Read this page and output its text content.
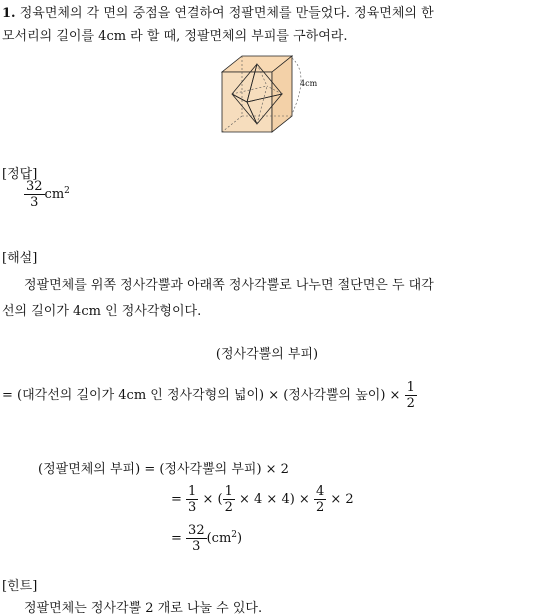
1. 정육면체의 각 면의 중점을 연결하여 정팔면체를 만들었다. 정육면체의 한
모서리의 길이를 4cm 라 할 때, 정팔면체의 부피를 구하여라.
4cm
[정답]
$\frac{32}{3} cm^2$
[해설]
정팔면체를 위쪽 정사각뿔과 아래쪽 정사각뿔로 나누면 절단면은 두 대각
선의 길이가 4cm 인 정사각형이다.
(정사각뿔의 부피)
= (대각선의 길이가 4cm 인 정사각형의 넓이) × (정사각뿔의 높이) × $\frac{1}{2}$
(정팔면체의 부피) = (정사각뿔의 부피) × 2
= $\frac{1}{3}$ × ( $\frac{1}{2} \times 4 \times 4) \times \frac{4}{2} \times 2$
= $\frac{32}{3} (cm^2)$
[힌트]
정팔면체는 정사각뿔 2 개로 나눌 수 있다.
